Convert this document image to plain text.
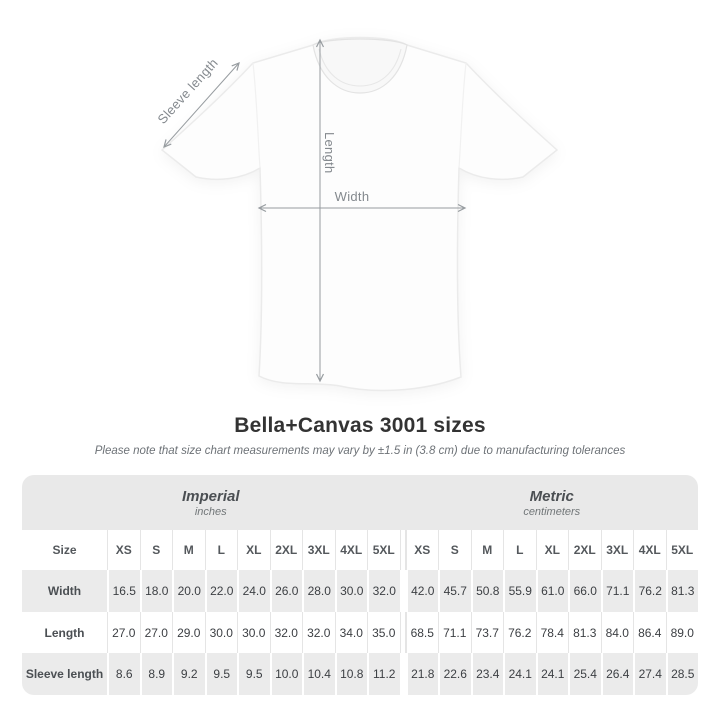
Length
Width
Sleeve length
Bella+Canvas 3001 sizes
Please note that size chart measurements may vary by ±1.5 in (3.8 cm) due to manufacturing tolerances
Imperial
inches
Metric
centimeters
Size	XS	S	M	L	XL	2XL 3XL 4XL 5XL	XS	S	M	L	XL	2XL 3XL 4XL 5XL
Width	16.5 18.0 20.0 22.0 24.0 26.0 28.0 30.0 32.0	42.0 45.7 50.8 55.9 61.0 66.0 71.1 76.2 81.3
Length	27.0 27.0 29.0 30.0 30.0 32.0 32.0 34.0 35.0	68.5 71.1 73.7 76.2 78.4 81.3 84.0 86.4 89.0
Sleeve length	8.6	8.9	9.2	9.5	9.5	10.0 10.4 10.8 11.2	21.8 22.6 23.4 24.1 24.1 25.4 26.4 27.4 28.5
